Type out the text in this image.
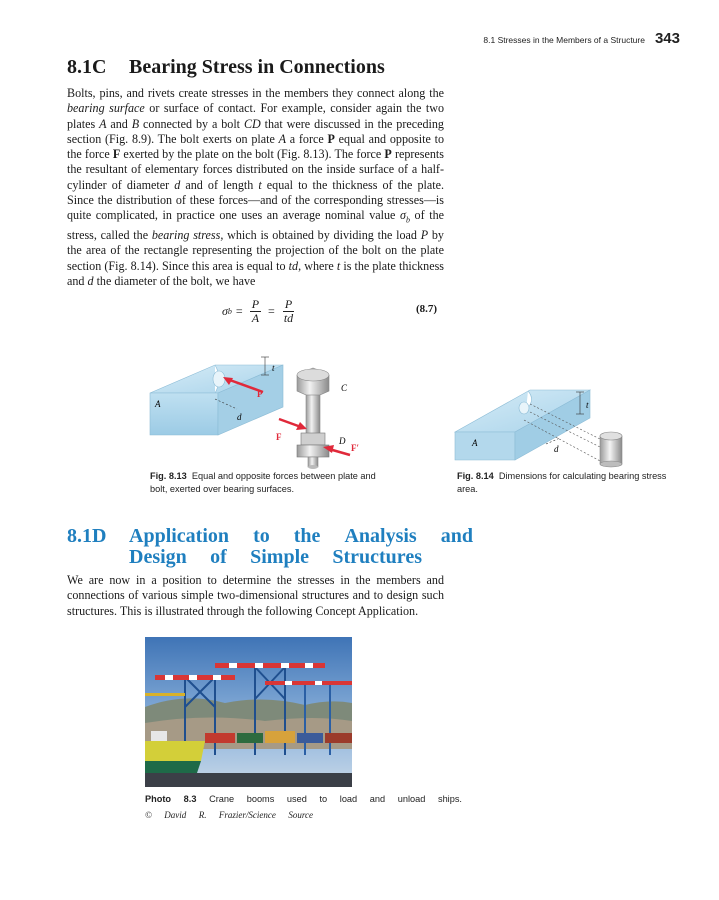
8.1 Stresses in the Members of a Structure 343
8.1C Bearing Stress in Connections

Bolts, pins, and rivets create stresses in the members they connect along the bearing surface or surface of contact. For example, consider again the two plates A and B connected by a bolt CD that were discussed in the preceding section (Fig. 8.9). The bolt exerts on plate A a force P equal and opposite to the force F exerted by the plate on the bolt (Fig. 8.13). The force P represents the resultant of elementary forces distributed on the inside surface of a half-cylinder of diameter d and of length t equal to the thickness of the plate. Since the distribution of these forces—and of the corresponding stresses—is quite complicated, in practice one uses an average nominal value $\sigma_b$ of the stress, called the bearing stress, which is obtained by dividing the load P by the area of the rectangle representing the projection of the bolt on the plate section (Fig. 8.14). Since this area is equal to td, where t is the plate thickness and d the diameter of the bolt, we have

σ $b = \frac{P}{A} = \frac{P}{td}$	(8.7)
t
d
A
P
C
F
F′
D
Fig. 8.13 Equal and opposite forces between plate and bolt, exerted over bearing surfaces.
t
d
A
Fig. 8.14 Dimensions for calculating bearing stress area.
8.1D	Application to the Analysis and
Design of Simple Structures

We are now in a position to determine the stresses in the members and connections of various simple two-dimensional structures and to design such structures. This is illustrated through the following Concept Application.

Photo 8.3 Crane booms used to load and unload ships.
© David R. Frazier/Science Source
